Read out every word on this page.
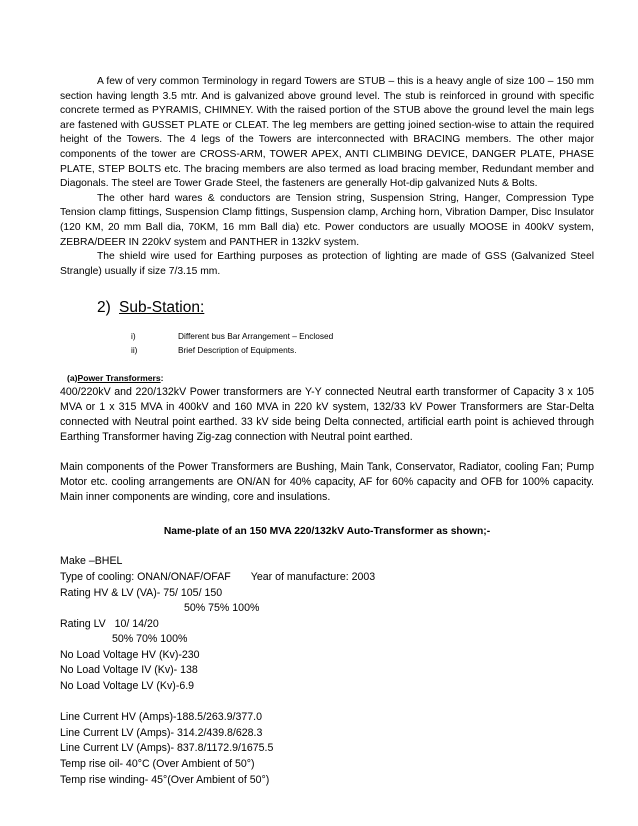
A few of very common Terminology in regard Towers are STUB – this is a heavy angle of size 100 – 150 mm section having length 3.5 mtr. And is galvanized above ground level. The stub is reinforced in ground with specific concrete termed as PYRAMIS, CHIMNEY. With the raised portion of the STUB above the ground level the main legs are fastened with GUSSET PLATE or CLEAT. The leg members are getting joined section-wise to attain the required height of the Towers. The 4 legs of the Towers are interconnected with BRACING members. The other major components of the tower are CROSS-ARM, TOWER APEX, ANTI CLIMBING DEVICE, DANGER PLATE, PHASE PLATE, STEP BOLTS etc. The bracing members are also termed as load bracing member, Redundant member and Diagonals. The steel are Tower Grade Steel, the fasteners are generally Hot-dip galvanized Nuts & Bolts.

The other hard wares & conductors are Tension string, Suspension String, Hanger, Compression Type Tension clamp fittings, Suspension Clamp fittings, Suspension clamp, Arching horn, Vibration Damper, Disc Insulator (120 KM, 20 mm Ball dia, 70KM, 16 mm Ball dia) etc. Power conductors are usually MOOSE in 400kV system, ZEBRA/DEER IN 220kV system and PANTHER in 132kV system.

The shield wire used for Earthing purposes as protection of lighting are made of GSS (Galvanized Steel Strangle) usually if size 7/3.15 mm.

2) Sub-Station:
i)	Different bus Bar Arrangement – Enclosed
ii)	Brief Description of Equipments.
(a)Power Transformers:

400/220kV and 220/132kV Power transformers are Y-Y connected Neutral earth transformer of Capacity 3 x 105 MVA or 1 x 315 MVA in 400kV and 160 MVA in 220 kV system, 132/33 kV Power Transformers are Star-Delta connected with Neutral point earthed. 33 kV side being Delta connected, artificial earth point is achieved through Earthing Transformer having Zig-zag connection with Neutral point earthed.

Main components of the Power Transformers are Bushing, Main Tank, Conservator, Radiator, cooling Fan; Pump Motor etc. cooling arrangements are ON/AN for 40% capacity, AF for 60% capacity and OFB for 100% capacity. Main inner components are winding, core and insulations.

Name-plate of an 150 MVA 220/132kV Auto-Transformer as shown;-
Make –BHEL
Type of cooling: ONAN/ONAF/OFAF Year of manufacture: 2003
Rating HV & LV (VA)- 75/ 105/ 150
50% 75% 100%
Rating LV   10/ 14/20
50% 70% 100%
No Load Voltage HV (Kv)-230
No Load Voltage IV (Kv)- 138
No Load Voltage LV (Kv)-6.9
Line Current HV (Amps)-188.5/263.9/377.0
Line Current LV (Amps)- 314.2/439.8/628.3
Line Current LV (Amps)- 837.8/1172.9/1675.5
Temp rise oil- 40°C (Over Ambient of 50°)
Temp rise winding- 45°(Over Ambient of 50°)
